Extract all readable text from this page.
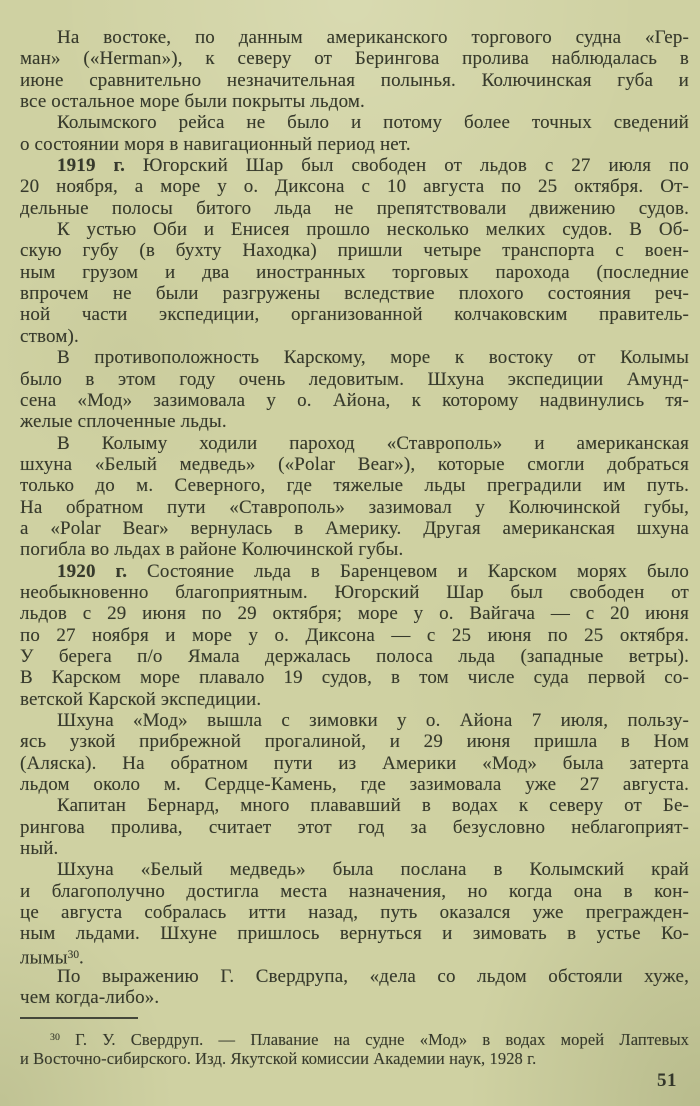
На востоке, по данным американского торгового судна «Гер-
ман» («Herman»), к северу от Берингова пролива наблюдалась в
июне сравнительно незначительная полынья. Колючинская губа и
все остальное море были покрыты льдом.
Колымского рейса не было и потому более точных сведений
о состоянии моря в навигационный период нет.
1919 г. Югорский Шар был свободен от льдов с 27 июля по
20 ноября, а море у о. Диксона с 10 августа по 25 октября. От-
дельные полосы битого льда не препятствовали движению судов.
К устью Оби и Енисея прошло несколько мелких судов. В Об-
скую губу (в бухту Находка) пришли четыре транспорта с воен-
ным грузом и два иностранных торговых парохода (последние
впрочем не были разгружены вследствие плохого состояния реч-
ной части экспедиции, организованной колчаковским правитель-
ством).
В противоположность Карскому, море к востоку от Колымы
было в этом году очень ледовитым. Шхуна экспедиции Амунд-
сена «Мод» зазимовала у о. Айона, к которому надвинулись тя-
желые сплоченные льды.
В Колыму ходили пароход «Ставрополь» и американская
шхуна «Белый медведь» («Polar Bear»), которые смогли добраться
только до м. Северного, где тяжелые льды преградили им путь.
На обратном пути «Ставрополь» зазимовал у Колючинской губы,
а «Polar Bear» вернулась в Америку. Другая американская шхуна
погибла во льдах в районе Колючинской губы.
1920 г. Состояние льда в Баренцевом и Карском морях было
необыкновенно благоприятным. Югорский Шар был свободен от
льдов с 29 июня по 29 октября; море у о. Вайгача — с 20 июня
по 27 ноября и море у о. Диксона — с 25 июня по 25 октября.
У берега п/о Ямала держалась полоса льда (западные ветры).
В Карском море плавало 19 судов, в том числе суда первой со-
ветской Карской экспедиции.
Шхуна «Мод» вышла с зимовки у о. Айона 7 июля, пользу-
ясь узкой прибрежной прогалиной, и 29 июня пришла в Ном
(Аляска). На обратном пути из Америки «Мод» была затерта
льдом около м. Сердце-Камень, где зазимовала уже 27 августа.
Капитан Бернард, много плававший в водах к северу от Бе-
рингова пролива, считает этот год за безусловно неблагоприят-
ный.
Шхуна «Белый медведь» была послана в Колымский край
и благополучно достигла места назначения, но когда она в кон-
це августа собралась итти назад, путь оказался уже прегражден-
ным льдами. Шхуне пришлось вернуться и зимовать в устье Ко-
лымы$^{30}$.
По выражению Г. Свердрупа, «дела со льдом обстояли хуже,
чем когда-либо».
$^{30}$ Г. У. Свердруп. — Плавание на судне «Мод» в водах морей Лаптевых
и Восточно-сибирского. Изд. Якутской комиссии Академии наук, 1928 г.
51
